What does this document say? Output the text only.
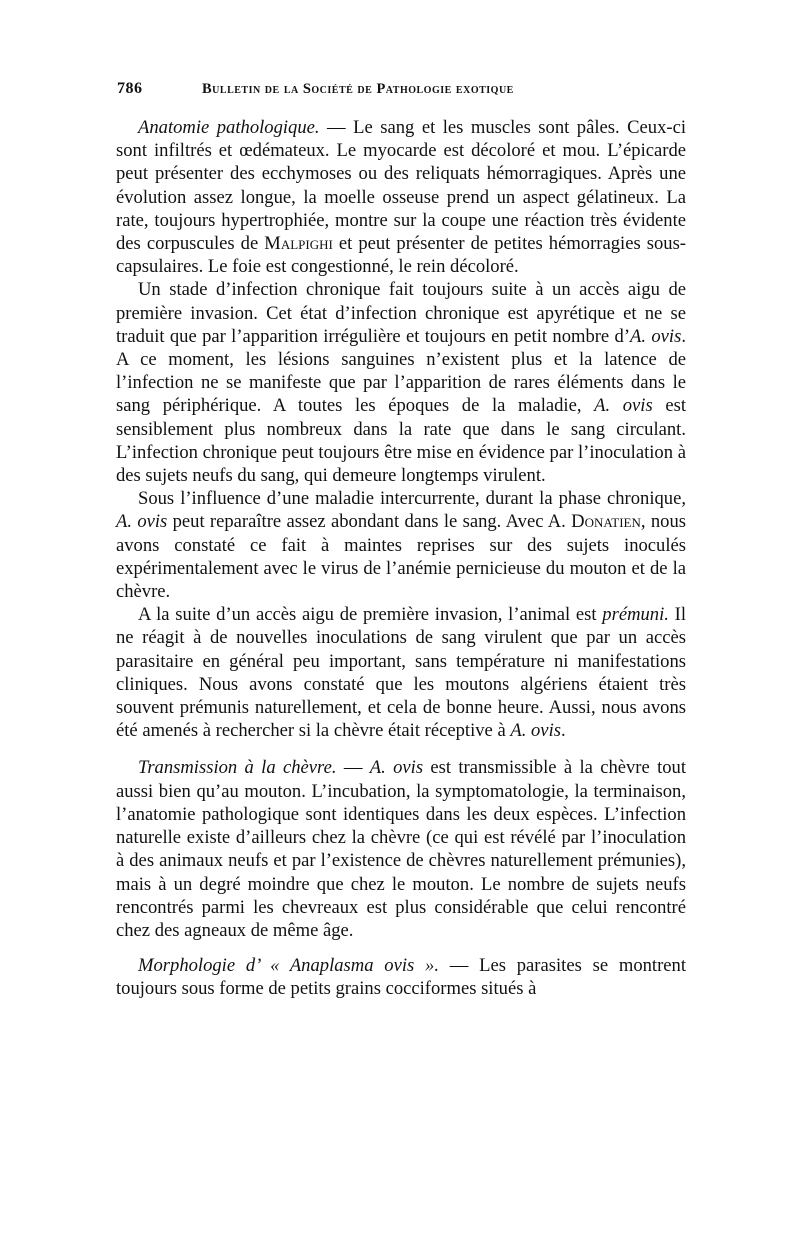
786	Bulletin de la Société de Pathologie exotique

Anatomie pathologique. — Le sang et les muscles sont pâles. Ceux-ci sont infiltrés et œdémateux. Le myocarde est décoloré et mou. L’épicarde peut présenter des ecchymoses ou des reliquats hémorragiques. Après une évolution assez longue, la moelle osseuse prend un aspect gélatineux. La rate, toujours hypertrophiée, montre sur la coupe une réaction très évidente des corpuscules de Malpighi et peut présenter de petites hémorragies sous-capsulaires. Le foie est congestionné, le rein décoloré.

Un stade d’infection chronique fait toujours suite à un accès aigu de première invasion. Cet état d’infection chronique est apyrétique et ne se traduit que par l’apparition irrégulière et toujours en petit nombre d’A. ovis. A ce moment, les lésions sanguines n’existent plus et la latence de l’infection ne se manifeste que par l’apparition de rares éléments dans le sang périphérique. A toutes les époques de la maladie, A. ovis est sensiblement plus nombreux dans la rate que dans le sang circulant. L’infection chronique peut toujours être mise en évidence par l’inoculation à des sujets neufs du sang, qui demeure longtemps virulent.

Sous l’influence d’une maladie intercurrente, durant la phase chronique, A. ovis peut reparaître assez abondant dans le sang. Avec A. Donatien, nous avons constaté ce fait à maintes reprises sur des sujets inoculés expérimentalement avec le virus de l’anémie pernicieuse du mouton et de la chèvre.

A la suite d’un accès aigu de première invasion, l’animal est prémuni. Il ne réagit à de nouvelles inoculations de sang virulent que par un accès parasitaire en général peu important, sans température ni manifestations cliniques. Nous avons constaté que les moutons algériens étaient très souvent prémunis naturellement, et cela de bonne heure. Aussi, nous avons été amenés à rechercher si la chèvre était réceptive à A. ovis.

Transmission à la chèvre. — A. ovis est transmissible à la chèvre tout aussi bien qu’au mouton. L’incubation, la symptomatologie, la terminaison, l’anatomie pathologique sont identiques dans les deux espèces. L’infection naturelle existe d’ailleurs chez la chèvre (ce qui est révélé par l’inoculation à des animaux neufs et par l’existence de chèvres naturellement prémunies), mais à un degré moindre que chez le mouton. Le nombre de sujets neufs rencontrés parmi les chevreaux est plus considérable que celui rencontré chez des agneaux de même âge.

Morphologie d’ « Anaplasma ovis ». — Les parasites se montrent toujours sous forme de petits grains cocciformes situés à
